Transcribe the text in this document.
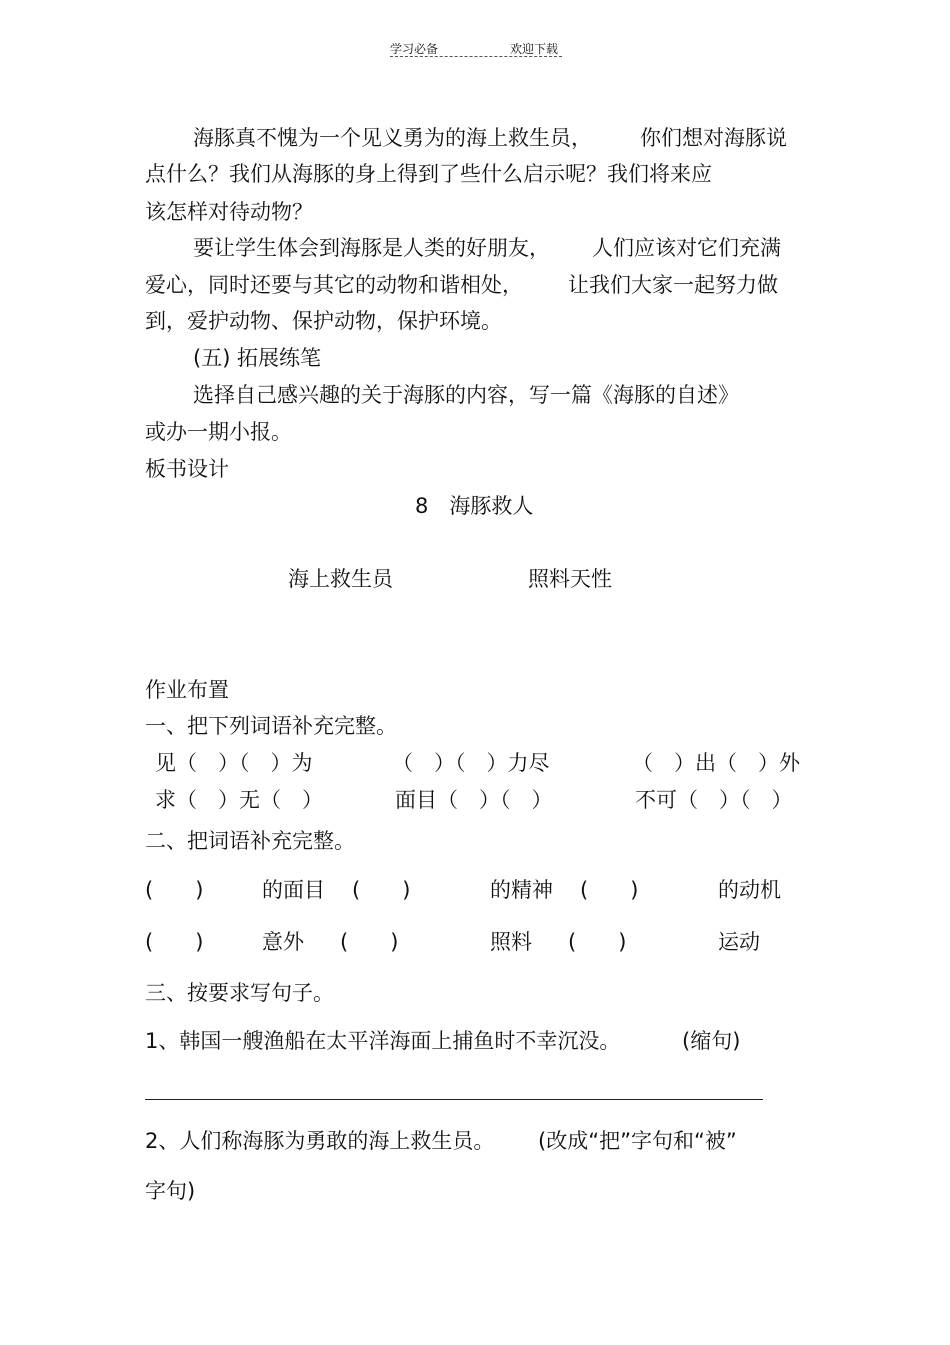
学习必备	欢迎下载
海豚真不愧为一个见义勇为的海上救生员， 你们想对海豚说
点什么？我们从海豚的身上得到了些什么启示呢？我们将来应
该怎样对待动物？
要让学生体会到海豚是人类的好朋友， 人们应该对它们充满
爱心，同时还要与其它的动物和谐相处， 让我们大家一起努力做
到，爱护动物、保护动物，保护环境。
(五) 拓展练笔
选择自己感兴趣的关于海豚的内容，写一篇《海豚的自述》
或办一期小报。
板书设计
8　海豚救人
海上救生员	照料天性
作业布置
一、把下列词语补充完整。
见（　）（　）为	（　）（　）力尽	（　）出（　）外
求（　）无（　）	面目（　）（　）	不可（　）（　）
二、把词语补充完整。
(　　)	的面目 (　　)	的精神 (　　)	的动机
(　　)	意外 (　　)	照料 (　　)	运动
三、按要求写句子。
1、韩国一艘渔船在太平洋海面上捕鱼时不幸沉没。	(缩句)
2、人们称海豚为勇敢的海上救生员。 (改成“把”字句和“被”
字句)
